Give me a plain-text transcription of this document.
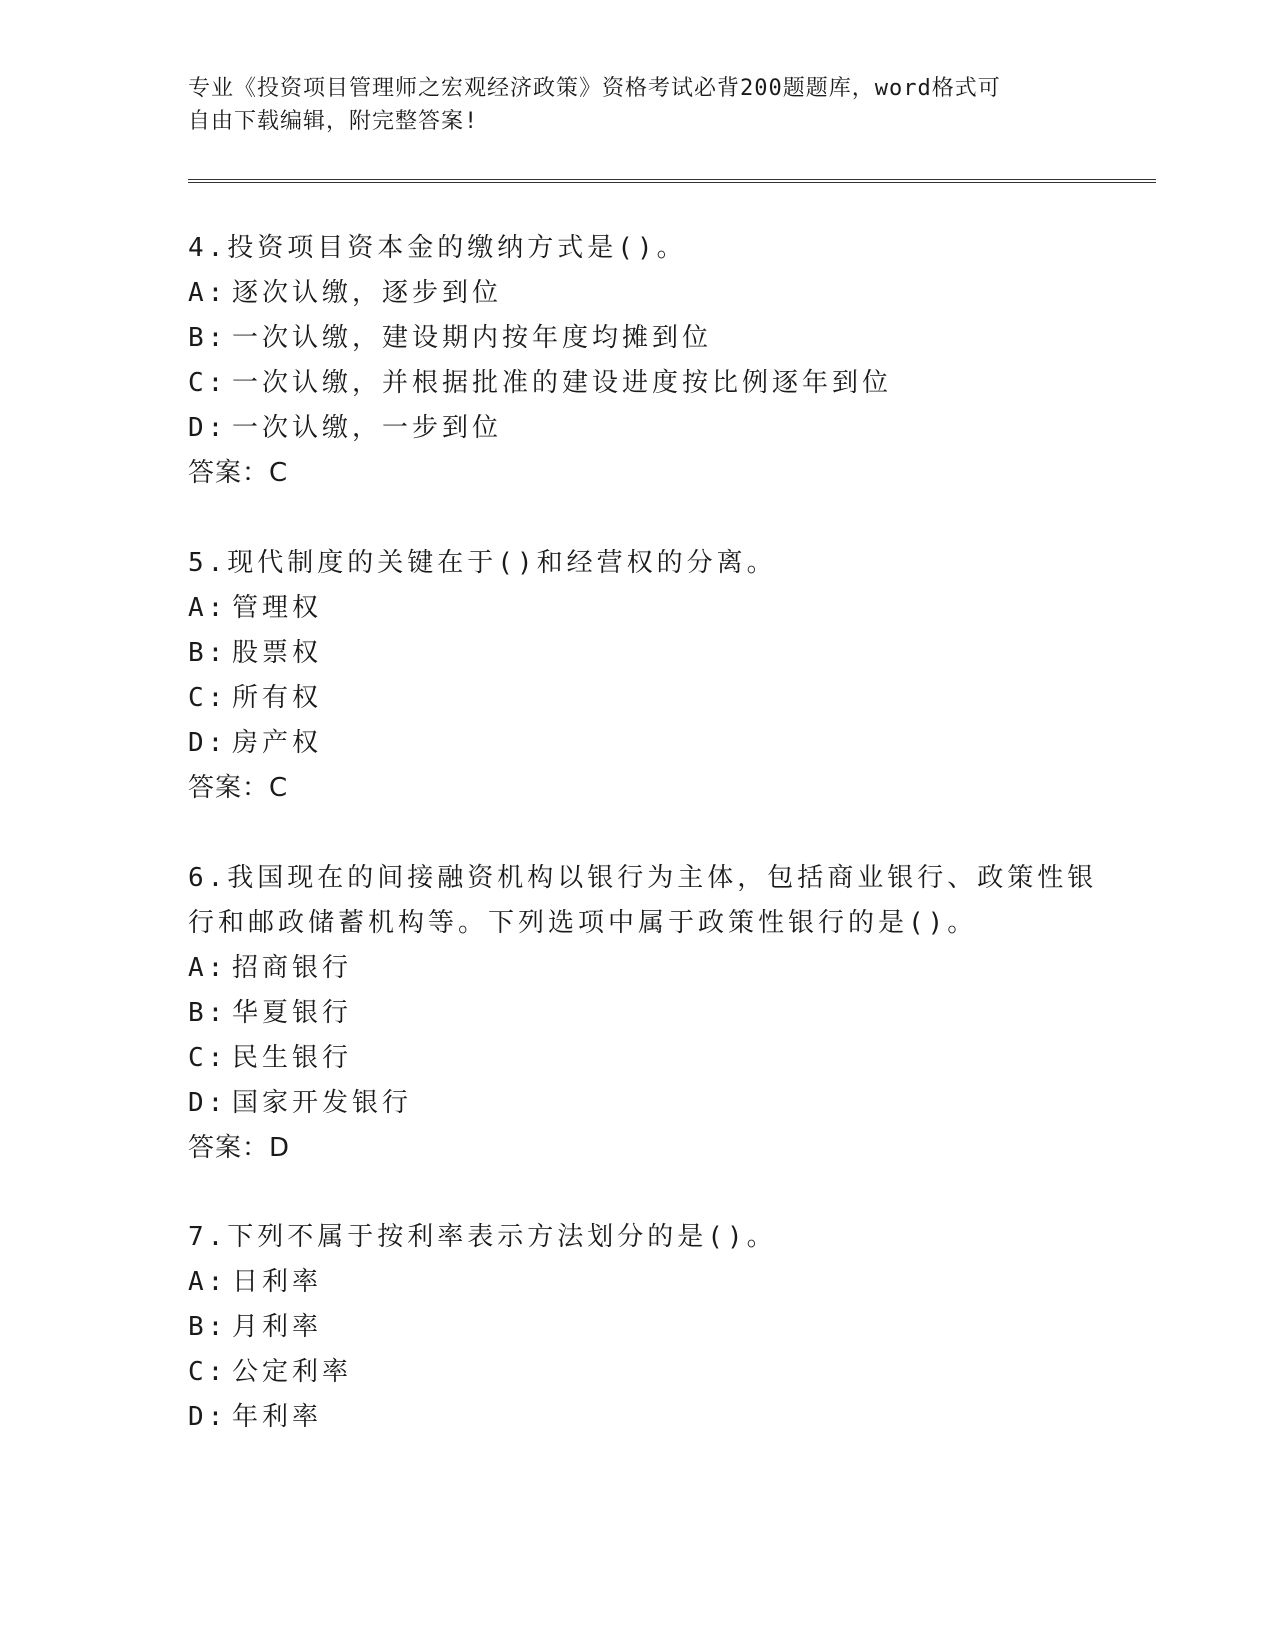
专业《投资项目管理师之宏观经济政策》资格考试必背200题题库，word格式可
自由下载编辑，附完整答案!
4.投资项目资本金的缴纳方式是()。
A: 逐次认缴，逐步到位
B: 一次认缴，建设期内按年度均摊到位
C: 一次认缴，并根据批准的建设进度按比例逐年到位
D: 一次认缴，一步到位
答案：C
5.现代制度的关键在于()和经营权的分离。
A: 管理权
B: 股票权
C: 所有权
D: 房产权
答案：C
6.我国现在的间接融资机构以银行为主体，包括商业银行、政策性银
行和邮政储蓄机构等。下列选项中属于政策性银行的是()。
A: 招商银行
B: 华夏银行
C: 民生银行
D: 国家开发银行
答案：D
7.下列不属于按利率表示方法划分的是()。
A: 日利率
B: 月利率
C: 公定利率
D: 年利率
